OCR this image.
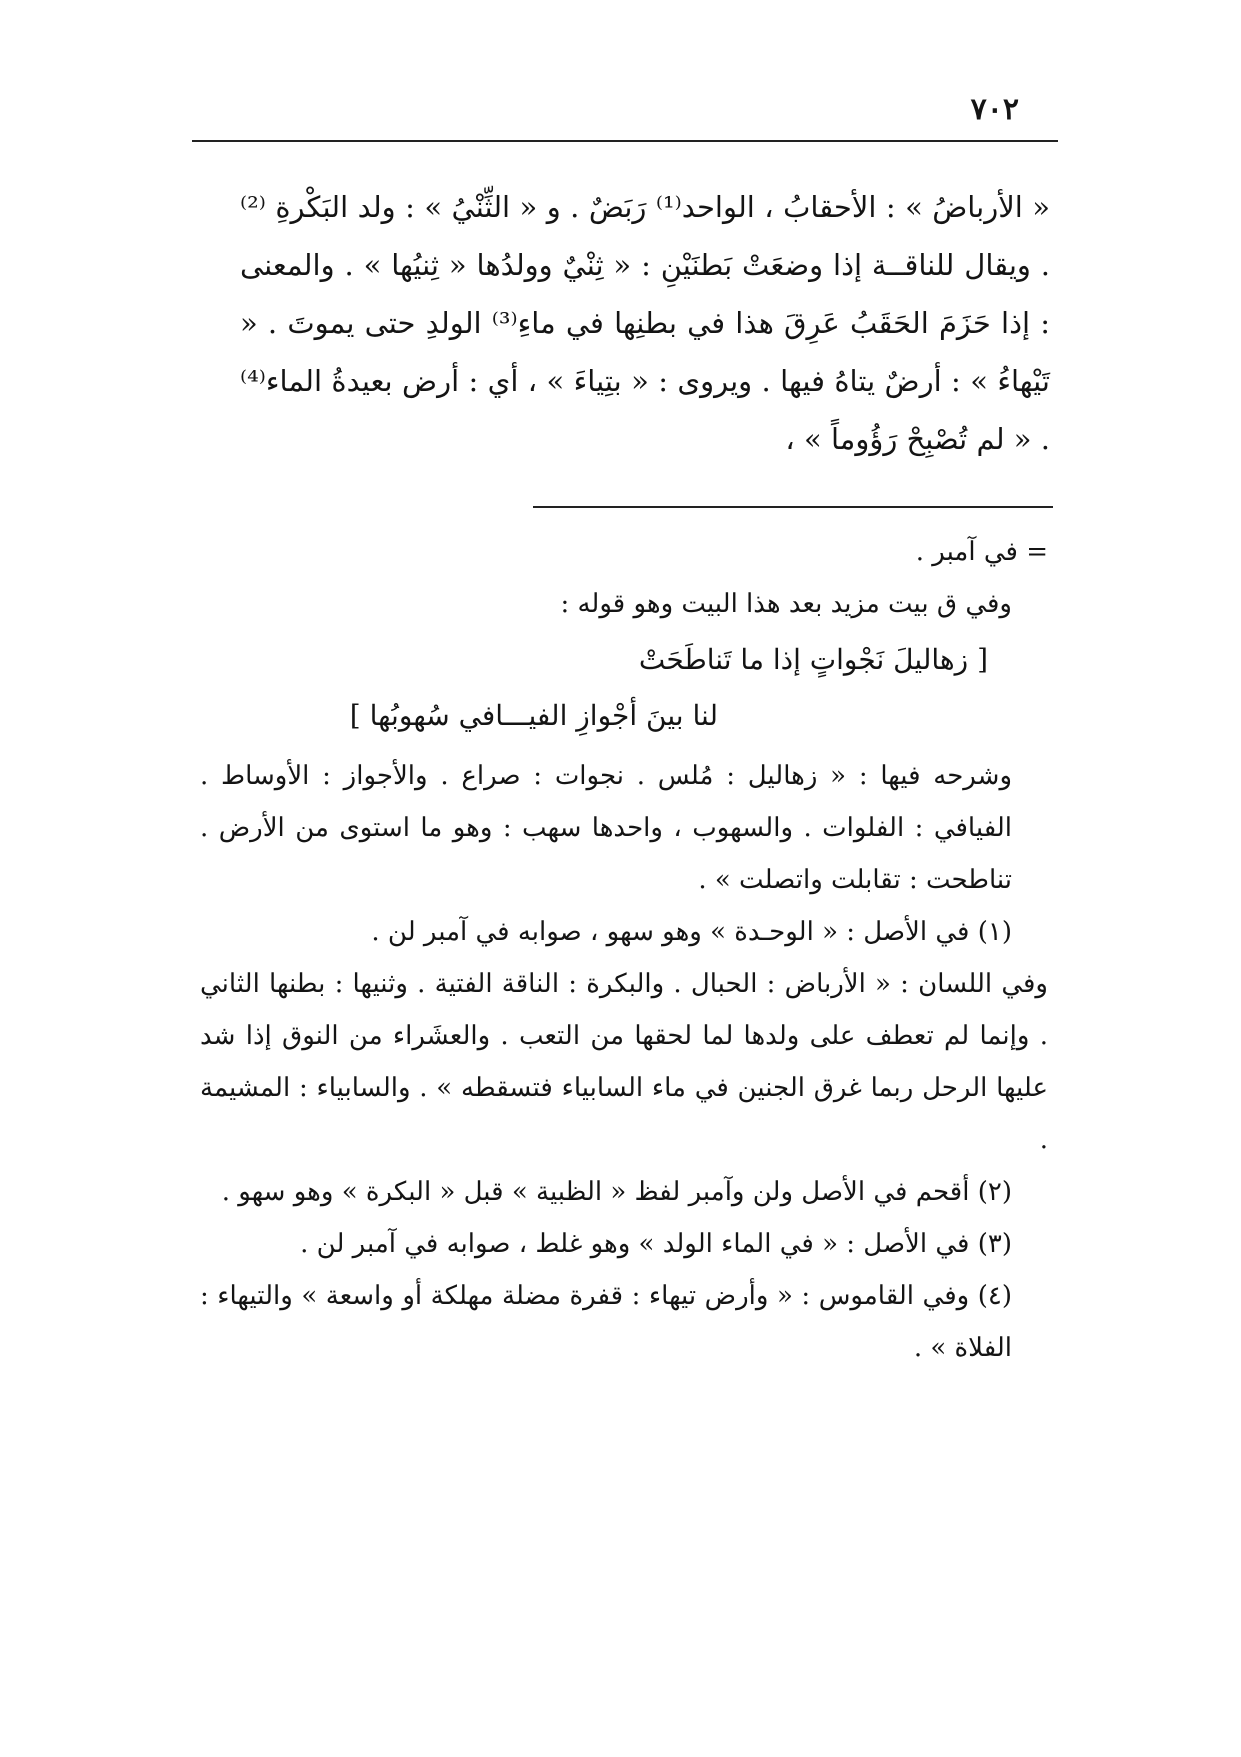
٧٠٢

« الأرباضُ » : الأحقابُ ، الواحد⁽¹⁾ رَبَضٌ . و « الثِّنْيُ » : ولد البَكْرةِ ⁽²⁾ . ويقال للناقــة إذا وضعَتْ بَطنَيْنِ : « ثِنْيٌ وولدُها « ثِنيُها » . والمعنى : إذا حَزَمَ الحَقَبُ عَرِقَ هذا في بطنِها في ماءِ⁽³⁾ الولدِ حتى يموتَ . « تَيْهاءُ » : أرضٌ يتاهُ فيها . ويروى : « بتِياءَ » ، أي : أرض بعيدةُ الماء⁽⁴⁾ . « لم تُصْبِحْ رَؤُوماً » ،

= في آمبر .

وفي ق بيت مزيد بعد هذا البيت وهو قوله :

[ زهاليلَ نَجْواتٍ إذا ما تَناطَحَتْ

لنا بينَ أجْوازِ الفيـــافي سُهوبُها ]

وشرحه فيها : « زهاليل : مُلس . نجوات : صراع . والأجواز : الأوساط . الفيافي : الفلوات . والسهوب ، واحدها سهب : وهو ما استوى من الأرض . تناطحت : تقابلت واتصلت » .

(١) في الأصل : « الوحـدة » وهو سهو ، صوابه في آمبر لن .

وفي اللسان : « الأرباض : الحبال . والبكرة : الناقة الفتية . وثنيها : بطنها الثاني . وإنما لم تعطف على ولدها لما لحقها من التعب . والعشَراء من النوق إذا شد عليها الرحل ربما غرق الجنين في ماء السابياء فتسقطه » . والسابياء : المشيمة .

(٢) أقحم في الأصل ولن وآمبر لفظ « الظبية » قبل « البكرة » وهو سهو .
(٣) في الأصل : « في الماء الولد » وهو غلط ، صوابه في آمبر لن .
(٤) وفي القاموس : « وأرض تيهاء : قفرة مضلة مهلكة أو واسعة » والتيهاء : الفلاة » .
